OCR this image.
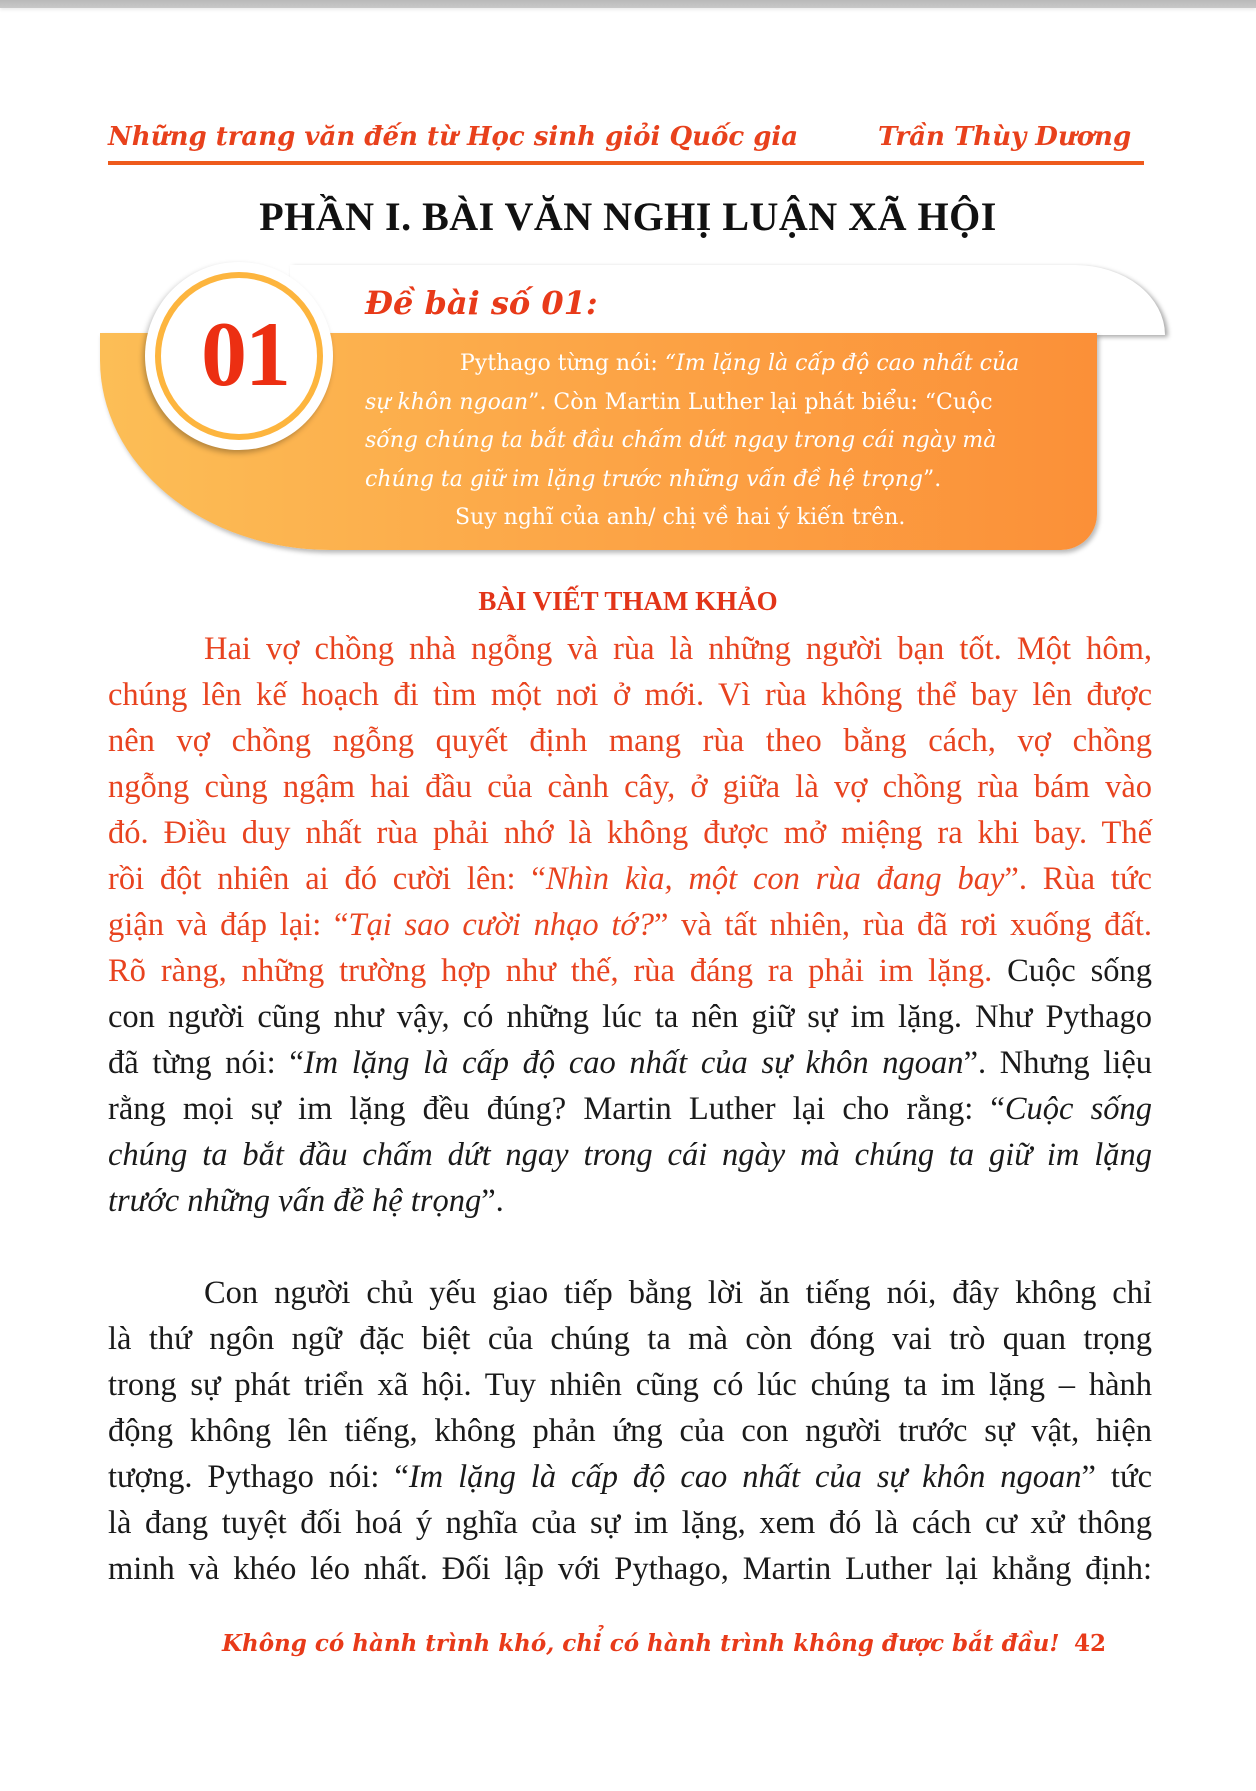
Những trang văn đến từ Học sinh giỏi Quốc gia	Trần Thùy Dương
PHẦN I. BÀI VĂN NGHỊ LUẬN XÃ HỘI
01	Đề bài số 01:
Pythago từng nói: “Im lặng là cấp độ cao nhất của
sự khôn ngoan”. Còn Martin Luther lại phát biểu: “Cuộc
sống chúng ta bắt đầu chấm dứt ngay trong cái ngày mà
chúng ta giữ im lặng trước những vấn đề hệ trọng”.
Suy nghĩ của anh/ chị về hai ý kiến trên.
BÀI VIẾT THAM KHẢO
Hai vợ chồng nhà ngỗng và rùa là những người bạn tốt. Một hôm,
chúng lên kế hoạch đi tìm một nơi ở mới. Vì rùa không thể bay lên được
nên vợ chồng ngỗng quyết định mang rùa theo bằng cách, vợ chồng
ngỗng cùng ngậm hai đầu của cành cây, ở giữa là vợ chồng rùa bám vào
đó. Điều duy nhất rùa phải nhớ là không được mở miệng ra khi bay. Thế
rồi đột nhiên ai đó cười lên: “Nhìn kìa, một con rùa đang bay”. Rùa tức
giận và đáp lại: “Tại sao cười nhạo tớ?” và tất nhiên, rùa đã rơi xuống đất.
Rõ ràng, những trường hợp như thế, rùa đáng ra phải im lặng. Cuộc sống
con người cũng như vậy, có những lúc ta nên giữ sự im lặng. Như Pythago
đã từng nói: “Im lặng là cấp độ cao nhất của sự khôn ngoan”. Nhưng liệu
rằng mọi sự im lặng đều đúng? Martin Luther lại cho rằng: “Cuộc sống
chúng ta bắt đầu chấm dứt ngay trong cái ngày mà chúng ta giữ im lặng
trước những vấn đề hệ trọng”.
Con người chủ yếu giao tiếp bằng lời ăn tiếng nói, đây không chỉ
là thứ ngôn ngữ đặc biệt của chúng ta mà còn đóng vai trò quan trọng
trong sự phát triển xã hội. Tuy nhiên cũng có lúc chúng ta im lặng – hành
động không lên tiếng, không phản ứng của con người trước sự vật, hiện
tượng. Pythago nói: “Im lặng là cấp độ cao nhất của sự khôn ngoan” tức
là đang tuyệt đối hoá ý nghĩa của sự im lặng, xem đó là cách cư xử thông
minh và khéo léo nhất. Đối lập với Pythago, Martin Luther lại khẳng định:
Không có hành trình khó, chỉ có hành trình không được bắt đầu! 42
